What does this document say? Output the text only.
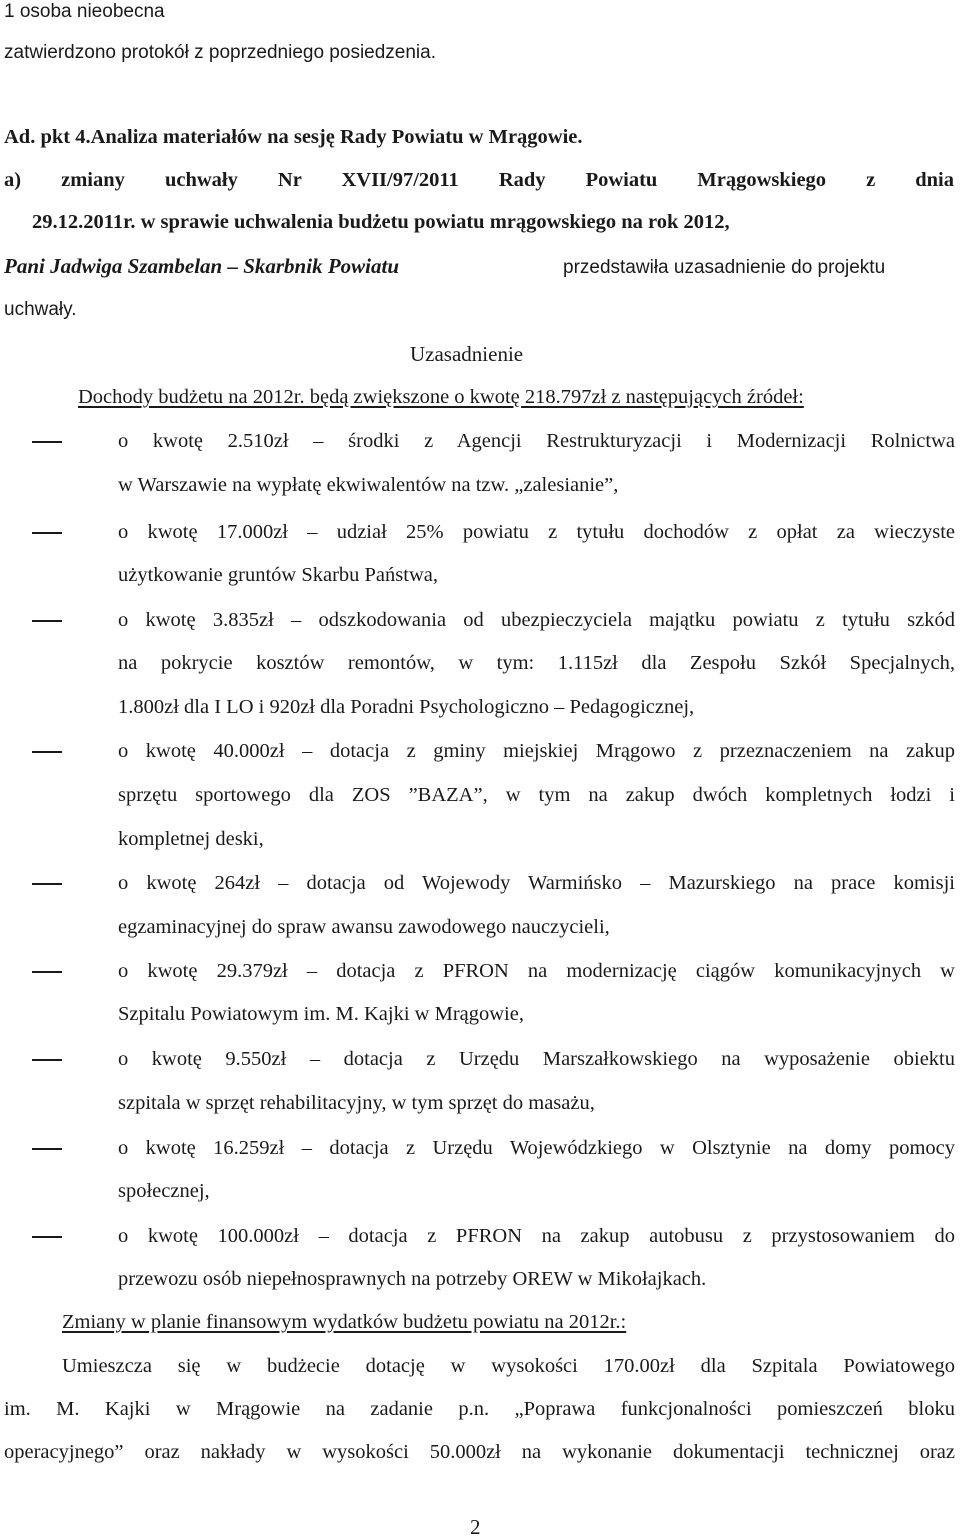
1 osoba nieobecna
zatwierdzono protokół z poprzedniego posiedzenia.
Ad. pkt 4.Analiza materiałów na sesję Rady Powiatu w Mrągowie.
a) zmiany uchwały Nr XVII/97/2011 Rady Powiatu Mrągowskiego z dnia
29.12.2011r. w sprawie uchwalenia budżetu powiatu mrągowskiego na rok 2012,
Pani Jadwiga Szambelan – Skarbnik Powiatu	przedstawiła uzasadnienie do projektu
uchwały.
Uzasadnienie
Dochody budżetu na 2012r. będą zwiększone o kwotę 218.797zł z następujących źródeł:
o kwotę 2.510zł – środki z Agencji Restrukturyzacji i Modernizacji Rolnictwa
w Warszawie na wypłatę ekwiwalentów na tzw. „zalesianie”,
o kwotę 17.000zł – udział 25% powiatu z tytułu dochodów z opłat za wieczyste
użytkowanie gruntów Skarbu Państwa,
o kwotę 3.835zł – odszkodowania od ubezpieczyciela majątku powiatu z tytułu szkód
na pokrycie kosztów remontów, w tym: 1.115zł dla Zespołu Szkół Specjalnych,
1.800zł dla I LO i 920zł dla Poradni Psychologiczno – Pedagogicznej,
o kwotę 40.000zł – dotacja z gminy miejskiej Mrągowo z przeznaczeniem na zakup
sprzętu sportowego dla ZOS ”BAZA”, w tym na zakup dwóch kompletnych łodzi i
kompletnej deski,
o kwotę 264zł – dotacja od Wojewody Warmińsko – Mazurskiego na prace komisji
egzaminacyjnej do spraw awansu zawodowego nauczycieli,
o kwotę 29.379zł – dotacja z PFRON na modernizację ciągów komunikacyjnych w
Szpitalu Powiatowym im. M. Kajki w Mrągowie,
o kwotę 9.550zł – dotacja z Urzędu Marszałkowskiego na wyposażenie obiektu
szpitala w sprzęt rehabilitacyjny, w tym sprzęt do masażu,
o kwotę 16.259zł – dotacja z Urzędu Wojewódzkiego w Olsztynie na domy pomocy
społecznej,
o kwotę 100.000zł – dotacja z PFRON na zakup autobusu z przystosowaniem do
przewozu osób niepełnosprawnych na potrzeby OREW w Mikołajkach.
Zmiany w planie finansowym wydatków budżetu powiatu na 2012r.:
Umieszcza się w budżecie dotację w wysokości 170.00zł dla Szpitala Powiatowego
im. M. Kajki w Mrągowie na zadanie p.n. „Poprawa funkcjonalności pomieszczeń bloku
operacyjnego” oraz nakłady w wysokości 50.000zł na wykonanie dokumentacji technicznej oraz
2
